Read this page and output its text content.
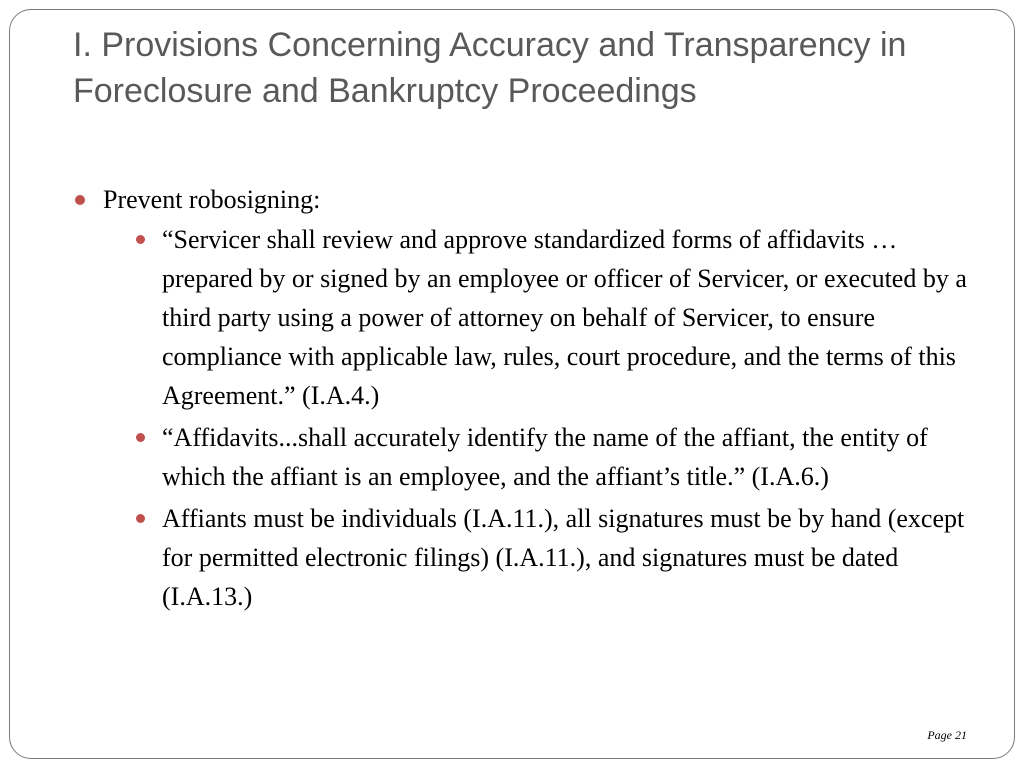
I. Provisions Concerning Accuracy and Transparency in Foreclosure and Bankruptcy Proceedings
Prevent robosigning:
“Servicer shall review and approve standardized forms of affidavits …prepared by or signed by an employee or officer of Servicer, or executed by a third party using a power of attorney on behalf of Servicer, to ensure compliance with applicable law, rules, court procedure, and the terms of this Agreement.” (I.A.4.)
“Affidavits...shall accurately identify the name of the affiant, the entity of which the affiant is an employee, and the affiant’s title.” (I.A.6.)
Affiants must be individuals (I.A.11.), all signatures must be by hand (except for permitted electronic filings) (I.A.11.), and signatures must be dated (I.A.13.)
Page 21
